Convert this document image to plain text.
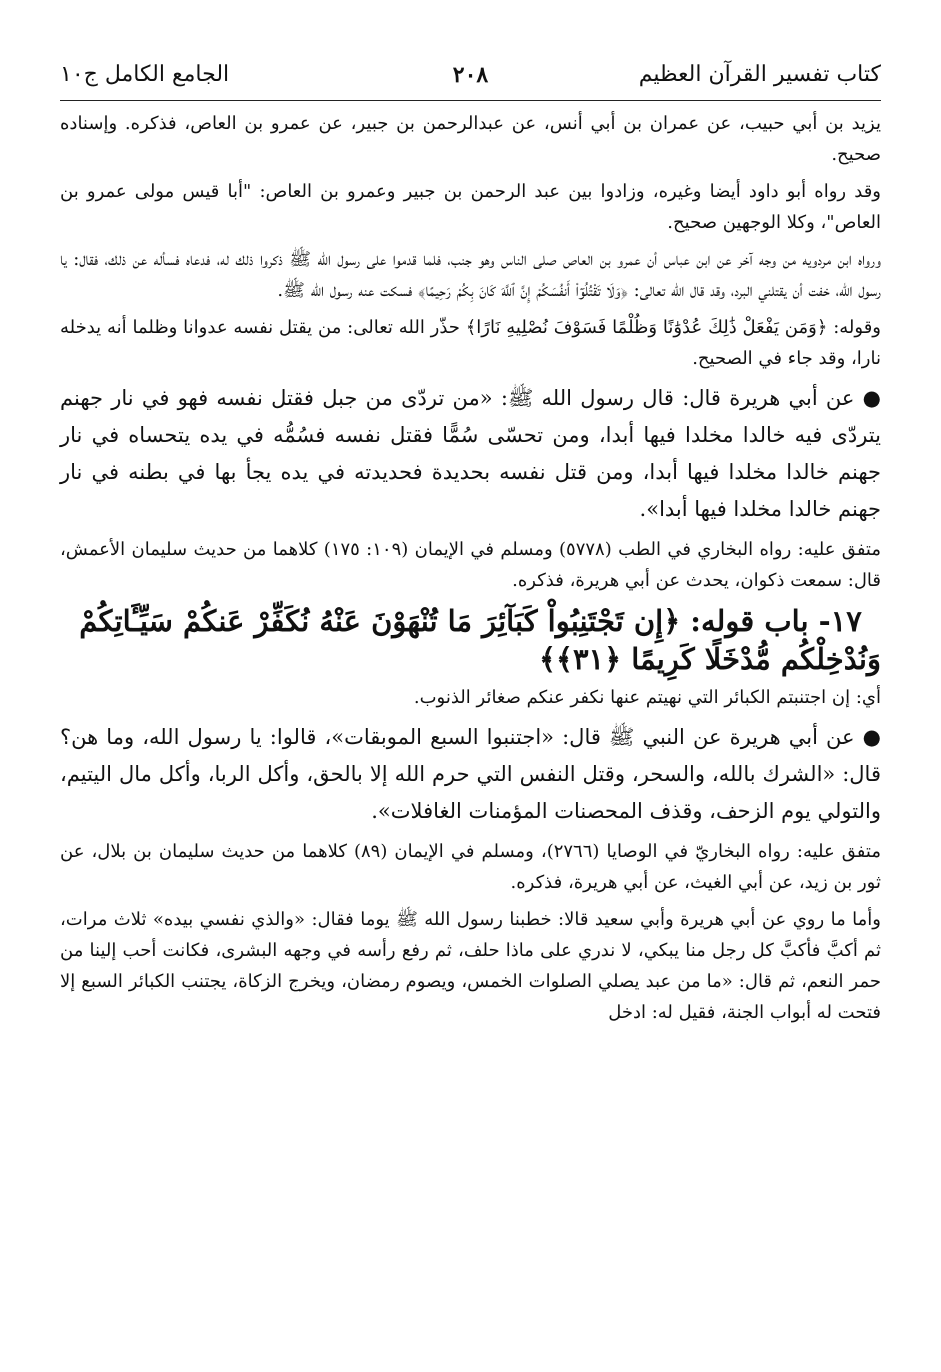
كتاب تفسير القرآن العظيم
٢٠٨
الجامع الكامل ج١٠

يزيد بن أبي حبيب، عن عمران بن أبي أنس، عن عبدالرحمن بن جبير، عن عمرو بن العاص، فذكره. وإسناده صحيح.

وقد رواه أبو داود أيضا وغيره، وزادوا بين عبد الرحمن بن جبير وعمرو بن العاص: "أبا قيس مولى عمرو بن العاص"، وكلا الوجهين صحيح.

ورواه ابن مردويه من وجه آخر عن ابن عباس أن عمرو بن العاص صلى الناس وهو جنب، فلما قدموا على رسول الله ﷺ ذكروا ذلك له، فدعاه فسأله عن ذلك، فقال: يا رسول الله، خفت أن يقتلني البرد، وقد قال الله تعالى: ﴿وَلَا تَقْتُلُوٓاْ أَنفُسَكُمْ إِنَّ ٱللَّهَ كَانَ بِكُمْ رَحِيمًا﴾ فسكت عنه رسول الله ﷺ.

وقوله: ﴿وَمَن يَفْعَلْ ذَٰلِكَ عُدْوَٰنًا وَظُلْمًا فَسَوْفَ نُصْلِيهِ نَارًا﴾ حذّر الله تعالى: من يقتل نفسه عدوانا وظلما أنه يدخله نارا، وقد جاء في الصحيح.

● عن أبي هريرة قال: قال رسول الله ﷺ: «من تردّى من جبل فقتل نفسه فهو في نار جهنم يتردّى فيه خالدا مخلدا فيها أبدا، ومن تحسّى سُمًّا فقتل نفسه فسُمُّه في يده يتحساه في نار جهنم خالدا مخلدا فيها أبدا، ومن قتل نفسه بحديدة فحديدته في يده يجأ بها في بطنه في نار جهنم خالدا مخلدا فيها أبدا».

متفق عليه: رواه البخاري في الطب (٥٧٧٨) ومسلم في الإيمان (١٠٩: ١٧٥) كلاهما من حديث سليمان الأعمش، قال: سمعت ذكوان، يحدث عن أبي هريرة، فذكره.

١٧- باب قوله: ﴿إِن تَجْتَنِبُواْ كَبَآئِرَ مَا تُنْهَوْنَ عَنْهُ نُكَفِّرْ عَنكُمْ سَيِّـَٔاتِكُمْ
وَنُدْخِلْكُم مُّدْخَلًا كَرِيمًا ﴿٣١﴾﴾

أي: إن اجتنبتم الكبائر التي نهيتم عنها نكفر عنكم صغائر الذنوب.

● عن أبي هريرة عن النبي ﷺ قال: «اجتنبوا السبع الموبقات»، قالوا: يا رسول الله، وما هن؟ قال: «الشرك بالله، والسحر، وقتل النفس التي حرم الله إلا بالحق، وأكل الربا، وأكل مال اليتيم، والتولي يوم الزحف، وقذف المحصنات المؤمنات الغافلات».

متفق عليه: رواه البخاريّ في الوصايا (٢٧٦٦)، ومسلم في الإيمان (٨٩) كلاهما من حديث سليمان بن بلال، عن ثور بن زيد، عن أبي الغيث، عن أبي هريرة، فذكره.

وأما ما روي عن أبي هريرة وأبي سعيد قالا: خطبنا رسول الله ﷺ يوما فقال: «والذي نفسي بيده» ثلاث مرات، ثم أكبَّ فأكبَّ كل رجل منا يبكي، لا ندري على ماذا حلف، ثم رفع رأسه في وجهه البشرى، فكانت أحب إلينا من حمر النعم، ثم قال: «ما من عبد يصلي الصلوات الخمس، ويصوم رمضان، ويخرج الزكاة، يجتنب الكبائر السبع إلا فتحت له أبواب الجنة، فقيل له: ادخل
